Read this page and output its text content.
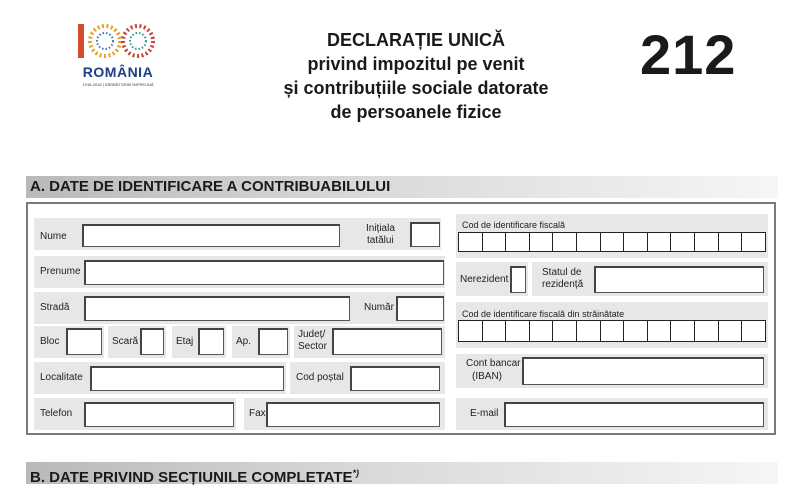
ROMÂNIA
1918-2018 | SĂRBĂTORIM ÎMPREUNĂ
DECLARAȚIE UNICĂ
privind impozitul pe venit
și contribuțiile sociale datorate
de persoanele fizice
212
A. DATE DE IDENTIFICARE A CONTRIBUABILULUI
Nume
Inițiala
tatălui
Prenume
Stradă	Număr
Bloc	Scară	Etaj	Ap.
Județ/
Sector
Localitate	Cod poștal
Telefon	Fax
Cod de identificare fiscală
Nerezident
Statul de
rezidență
Cod de identificare fiscală din străinătate
Cont bancar
(IBAN)
E-mail
B. DATE PRIVIND SECȚIUNILE COMPLETATE*)
